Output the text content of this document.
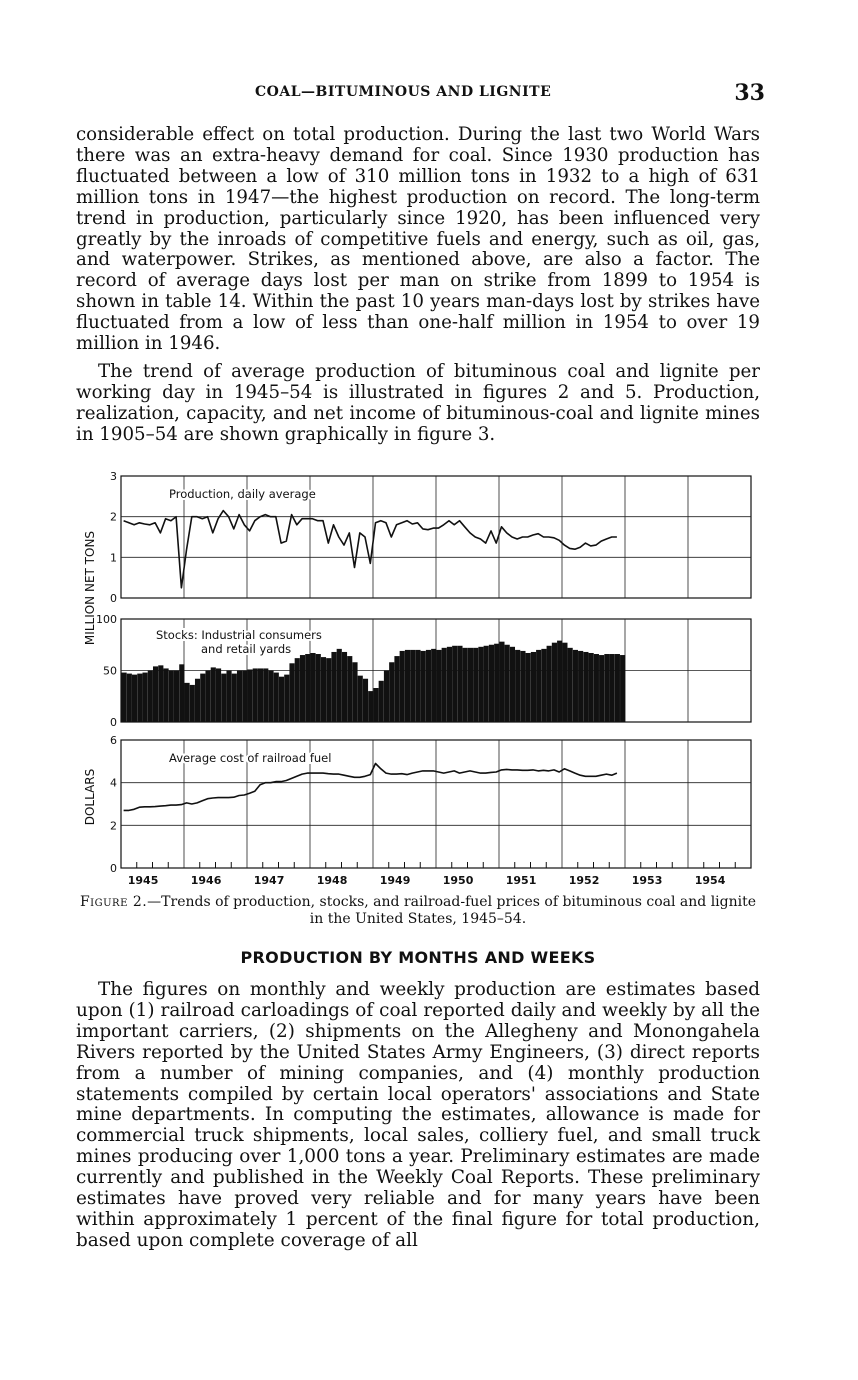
COAL—BITUMINOUS AND LIGNITE	33

considerable effect on total production. During the last two World Wars there was an extra-heavy demand for coal. Since 1930 production has fluctuated between a low of 310 million tons in 1932 to a high of 631 million tons in 1947—the highest production on record. The long-term trend in production, particularly since 1920, has been influenced very greatly by the inroads of competitive fuels and energy, such as oil, gas, and waterpower. Strikes, as mentioned above, are also a factor. The record of average days lost per man on strike from 1899 to 1954 is shown in table 14. Within the past 10 years man-days lost by strikes have fluctuated from a low of less than one-half million in 1954 to over 19 million in 1946.

The trend of average production of bituminous coal and lignite per working day in 1945–54 is illustrated in figures 2 and 5. Production, realization, capacity, and net income of bituminous-coal and lignite mines in 1905–54 are shown graphically in figure 3.

MILLION NET TONS
DOLLARS
3
2
1
0
Production, daily average
100
50
0
Stocks: Industrial consumers
and retail yards
6
4
2
0
Average cost of railroad fuel
1945	1946	1947	1948	1949	1950	1951	1952	1953	1954
Figure 2.—Trends of production, stocks, and railroad-fuel prices of bituminous coal and lignite in the United States, 1945–54.
PRODUCTION BY MONTHS AND WEEKS

The figures on monthly and weekly production are estimates based upon (1) railroad carloadings of coal reported daily and weekly by all the important carriers, (2) shipments on the Allegheny and Monongahela Rivers reported by the United States Army Engineers, (3) direct reports from a number of mining companies, and (4) monthly production statements compiled by certain local operators' associations and State mine departments. In computing the estimates, allowance is made for commercial truck shipments, local sales, colliery fuel, and small truck mines producing over 1,000 tons a year. Preliminary estimates are made currently and published in the Weekly Coal Reports. These preliminary estimates have proved very reliable and for many years have been within approximately 1 percent of the final figure for total production, based upon complete coverage of all
